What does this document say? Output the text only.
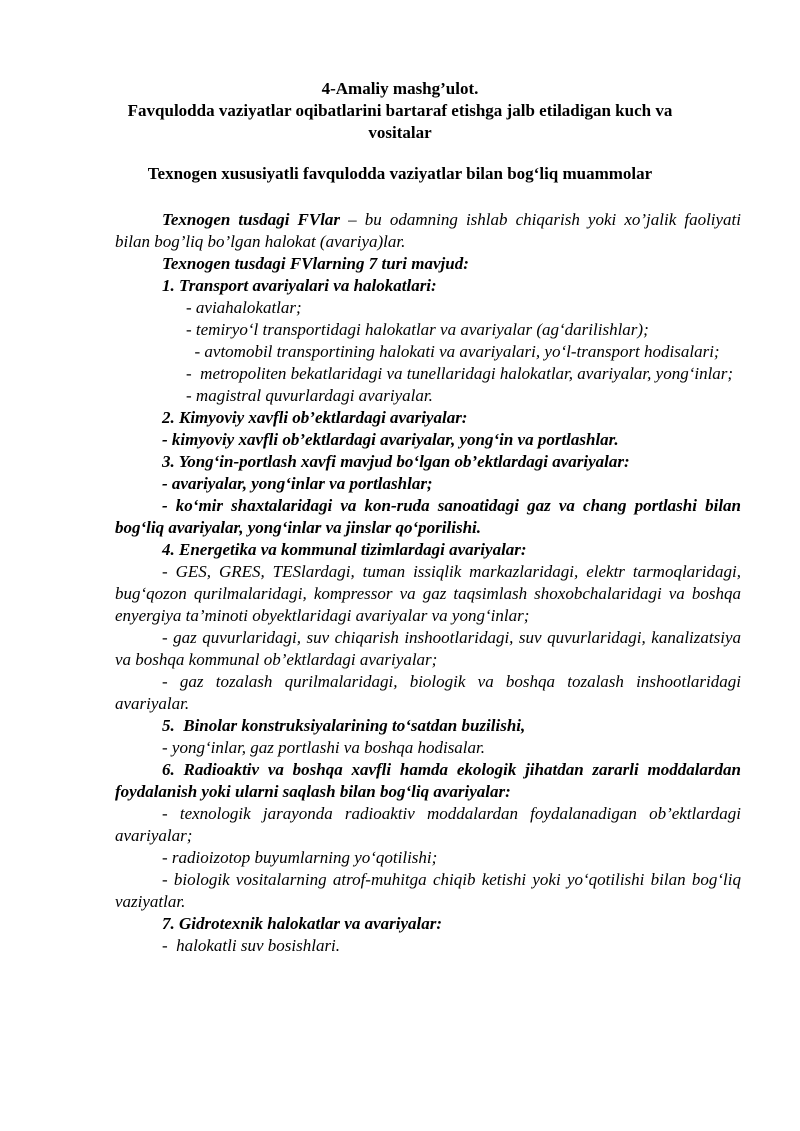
4-Amaliy mashg’ulot.
Favqulodda vaziyatlar oqibatlarini bartaraf etishga jalb etiladigan kuch va
vositalar
Texnogen xususiyatli favqulodda vaziyatlar bilan bog‘liq muammolar

Texnogen tusdagi FVlar – bu odamning ishlab chiqarish yoki xo’jalik faoliyati bilan bog’liq bo’lgan halokat (avariya)lar.

Texnogen tusdagi FVlarning 7 turi mavjud:

1. Transport avariyalari va halokatlari:

- aviahalokatlar;

- temiryo‘l transportidagi halokatlar va avariyalar (ag‘darilishlar);

- avtomobil transportining halokati va avariyalari, yo‘l-transport hodisalari;

-  metropoliten bekatlaridagi va tunellaridagi halokatlar, avariyalar, yong‘inlar;

- magistral quvurlardagi avariyalar.

2. Kimyoviy xavfli ob’ektlardagi avariyalar:

- kimyoviy xavfli ob’ektlardagi avariyalar, yong‘in va portlashlar.

3. Yong‘in-portlash xavfi mavjud bo‘lgan ob’ektlardagi avariyalar:

- avariyalar, yong‘inlar va portlashlar;

- ko‘mir shaxtalaridagi va kon-ruda sanoatidagi gaz va chang portlashi bilan bog‘liq avariyalar, yong‘inlar va jinslar qo‘porilishi.

4. Energetika va kommunal tizimlardagi avariyalar:

- GES, GRES, TESlardagi, tuman issiqlik markazlaridagi, elektr tarmoqlaridagi, bug‘qozon qurilmalaridagi, kompressor va gaz taqsimlash shoxobchalaridagi va boshqa enyergiya ta’minoti obyektlaridagi avariyalar va yong‘inlar;

- gaz quvurlaridagi, suv chiqarish inshootlaridagi, suv quvurlaridagi, kanalizatsiya va boshqa kommunal ob’ektlardagi avariyalar;

- gaz tozalash qurilmalaridagi, biologik va boshqa tozalash inshootlaridagi avariyalar.

5.  Binolar konstruksiyalarining to‘satdan buzilishi,

- yong‘inlar, gaz portlashi va boshqa hodisalar.

6. Radioaktiv va boshqa xavfli hamda ekologik jihatdan zararli moddalardan foydalanish yoki ularni saqlash bilan bog‘liq avariyalar:

- texnologik jarayonda radioaktiv moddalardan foydalanadigan ob’ektlardagi avariyalar;

- radioizotop buyumlarning yo‘qotilishi;

- biologik vositalarning atrof-muhitga chiqib ketishi yoki yo‘qotilishi bilan bog‘liq vaziyatlar.

7. Gidrotexnik halokatlar va avariyalar:

-  halokatli suv bosishlari.
